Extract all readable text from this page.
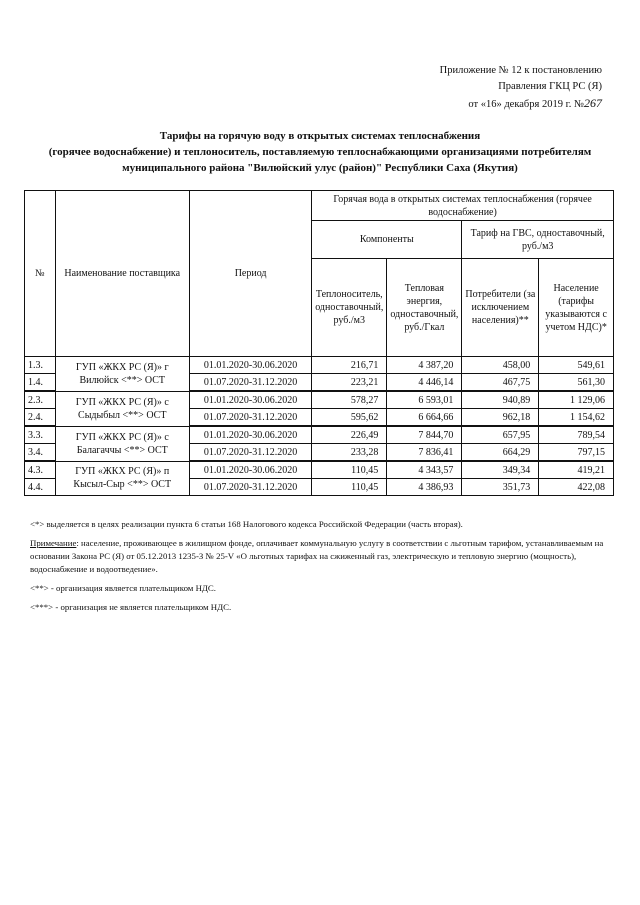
Приложение № 12 к постановлению
Правления ГКЦ РС (Я)
от «16» декабря 2019 г. №267
Тарифы на горячую воду в открытых системах теплоснабжения
(горячее водоснабжение) и теплоноситель, поставляемую теплоснабжающими организациями потребителям
муниципального района "Вилюйский улус (район)" Республики Саха (Якутия)
№	Наименование поставщика	Период	Горячая вода в открытых системах теплоснабжения (горячее водоснабжение)			
			Компоненты		Тариф на ГВС, одноставочный, руб./м3	
			Теплоноситель, одноставочный, руб./м3	Тепловая энергия, одноставочный, руб./Гкал	Потребители (за исключением населения)**	Население (тарифы указываются с учетом НДС)*
1.3.	ГУП «ЖКХ РС (Я)» г Вилюйск <**> ОСТ	01.01.2020-30.06.2020	216,71	4 387,20	458,00	549,61
1.4.		01.07.2020-31.12.2020	223,21	4 446,14	467,75	561,30
2.3.	ГУП «ЖКХ РС (Я)» с Сыдыбыл <**> ОСТ	01.01.2020-30.06.2020	578,27	6 593,01	940,89	1 129,06
2.4.		01.07.2020-31.12.2020	595,62	6 664,66	962,18	1 154,62
3.3.	ГУП «ЖКХ РС (Я)» с Балагаччы <**> ОСТ	01.01.2020-30.06.2020	226,49	7 844,70	657,95	789,54
3.4.		01.07.2020-31.12.2020	233,28	7 836,41	664,29	797,15
4.3.	ГУП «ЖКХ РС (Я)» п Кысыл-Сыр <**> ОСТ	01.01.2020-30.06.2020	110,45	4 343,57	349,34	419,21
4.4.		01.07.2020-31.12.2020	110,45	4 386,93	351,73	422,08

<*> выделяется в целях реализации пункта 6 статьи 168 Налогового кодекса Российской Федерации (часть вторая).

Примечание: население, проживающее в жилищном фонде, оплачивает коммунальную услугу в соответствии с льготным тарифом, устанавливаемым на основании Закона РС (Я) от 05.12.2013 1235-З № 25-V «О льготных тарифах на сжиженный газ, электрическую и тепловую энергию (мощность), водоснабжение и водоотведение».

<**> - организация является плательщиком НДС.

<***> - организация не является плательщиком НДС.
